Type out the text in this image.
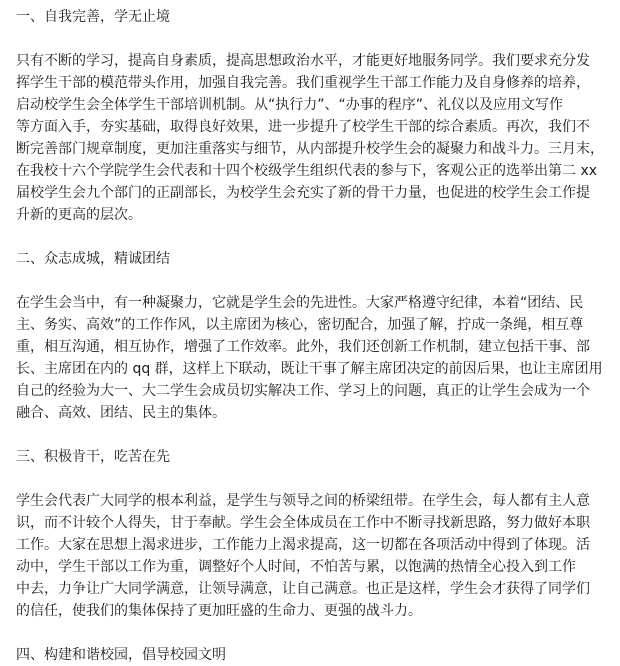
一、自我完善，学无止境

只有不断的学习，提高自身素质，提高思想政治水平，才能更好地服务同学。我们要求充分发

挥学生干部的模范带头作用，加强自我完善。我们重视学生干部工作能力及自身修养的培养，

启动校学生会全体学生干部培训机制。从“执行力”、“办事的程序”、礼仪以及应用文写作

等方面入手，夯实基础，取得良好效果，进一步提升了校学生干部的综合素质。再次，我们不

断完善部门规章制度，更加注重落实与细节，从内部提升校学生会的凝聚力和战斗力。三月末，

在我校十六个学院学生会代表和十四个校级学生组织代表的参与下，客观公正的选举出第二 xx

届校学生会九个部门的正副部长，为校学生会充实了新的骨干力量，也促进的校学生会工作提

升新的更高的层次。

二、众志成城，精诚团结

在学生会当中，有一种凝聚力，它就是学生会的先进性。大家严格遵守纪律，本着“团结、民

主、务实、高效”的工作作风，以主席团为核心，密切配合，加强了解，拧成一条绳，相互尊

重，相互沟通，相互协作，增强了工作效率。此外，我们还创新工作机制，建立包括干事、部

长、主席团在内的 qq 群，这样上下联动，既让干事了解主席团决定的前因后果，也让主席团用

自己的经验为大一、大二学生会成员切实解决工作、学习上的问题，真正的让学生会成为一个

融合、高效、团结、民主的集体。

三、积极肯干，吃苦在先

学生会代表广大同学的根本利益，是学生与领导之间的桥梁纽带。在学生会，每人都有主人意

识，而不计较个人得失，甘于奉献。学生会全体成员在工作中不断寻找新思路，努力做好本职

工作。大家在思想上渴求进步，工作能力上渴求提高，这一切都在各项活动中得到了体现。活

动中，学生干部以工作为重，调整好个人时间，不怕苦与累，以饱满的热情全心投入到工作

中去，力争让广大同学满意，让领导满意，让自己满意。也正是这样，学生会才获得了同学们

的信任，使我们的集体保持了更加旺盛的生命力、更强的战斗力。

四、构建和谐校园，倡导校园文明
